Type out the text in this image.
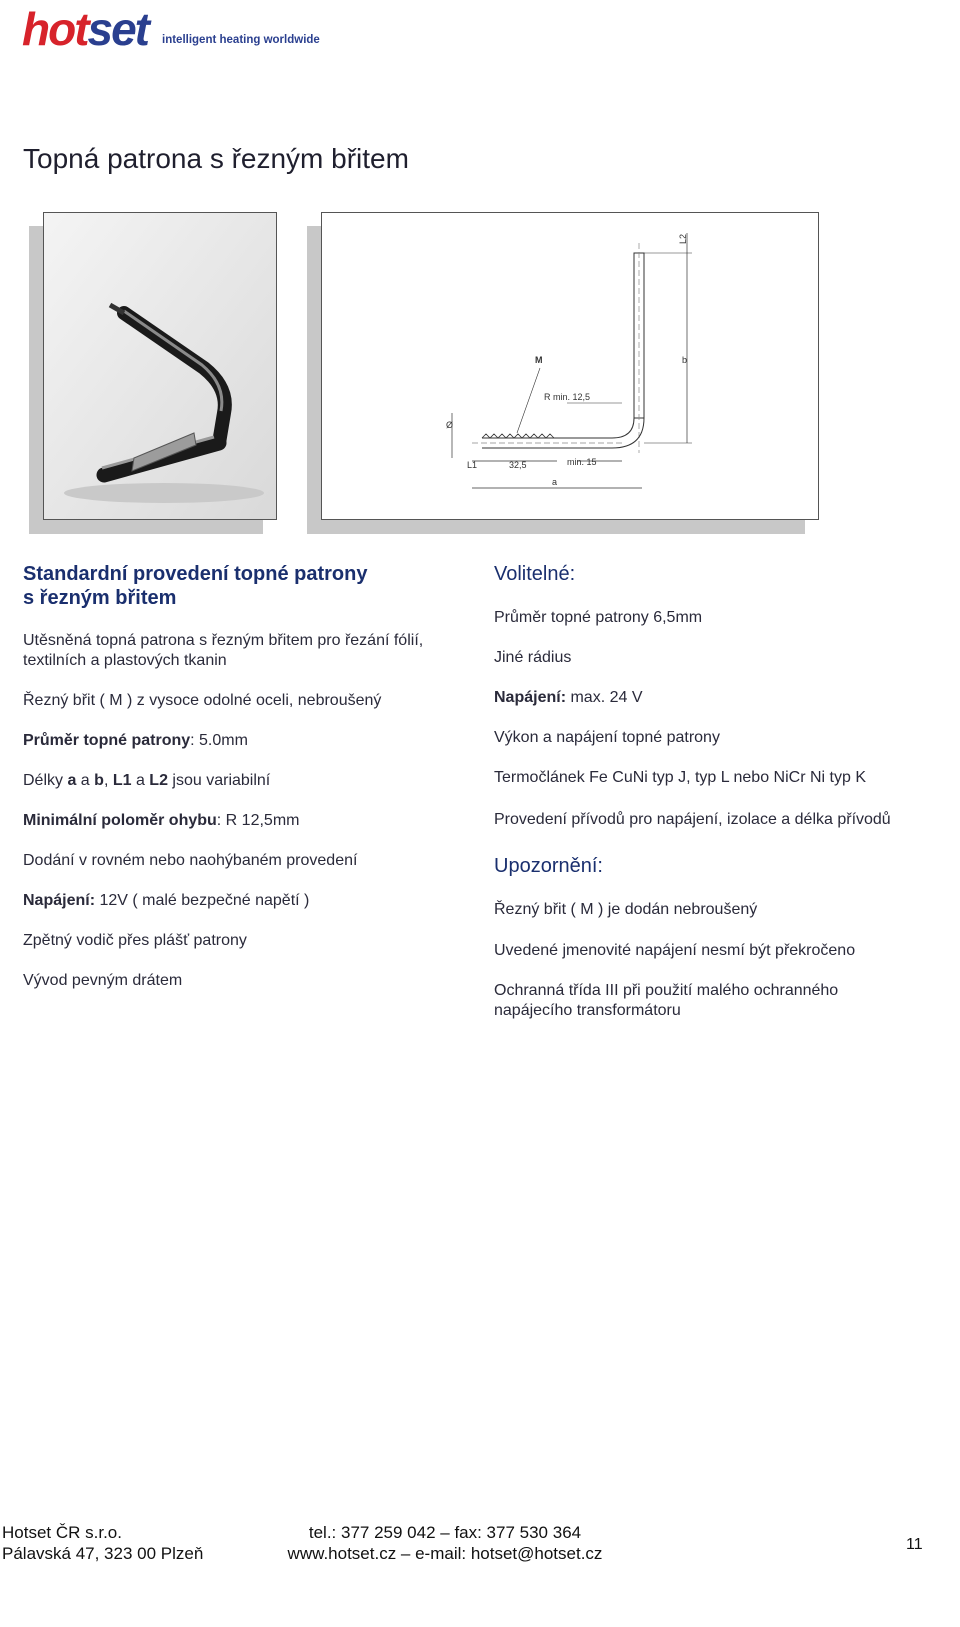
hotset intelligent heating worldwide
Topná patrona s řezným břitem
L2
b
M
R min. 12,5
Ø
L1	32,5	min. 15
a
Standardní provedení topné patrony
s řezným břitem

Utěsněná topná patrona s řezným břitem pro řezání fólií, textilních a plastových tkanin

Řezný břit ( M ) z vysoce odolné oceli, nebroušený

Průměr topné patrony: 5.0mm

Délky a a b, L1 a L2 jsou variabilní

Minimální poloměr ohybu: R 12,5mm

Dodání v rovném nebo naohýbaném provedení

Napájení: 12V ( malé bezpečné napětí )

Zpětný vodič přes plášť patrony

Vývod pevným drátem

Volitelné:

Průměr topné patrony 6,5mm

Jiné rádius

Napájení: max. 24 V

Výkon a napájení topné patrony

Termočlánek Fe CuNi typ J, typ L nebo NiCr Ni typ K

Provedení přívodů pro napájení, izolace a délka přívodů

Upozornění:

Řezný břit ( M ) je dodán nebroušený

Uvedené jmenovité napájení nesmí být překročeno

Ochranná třída III při použití malého ochranného napájecího transformátoru

Hotset ČR s.r.o.
Pálavská 47, 323 00 Plzeň
tel.: 377 259 042 – fax: 377 530 364
www.hotset.cz – e-mail: hotset@hotset.cz	11
